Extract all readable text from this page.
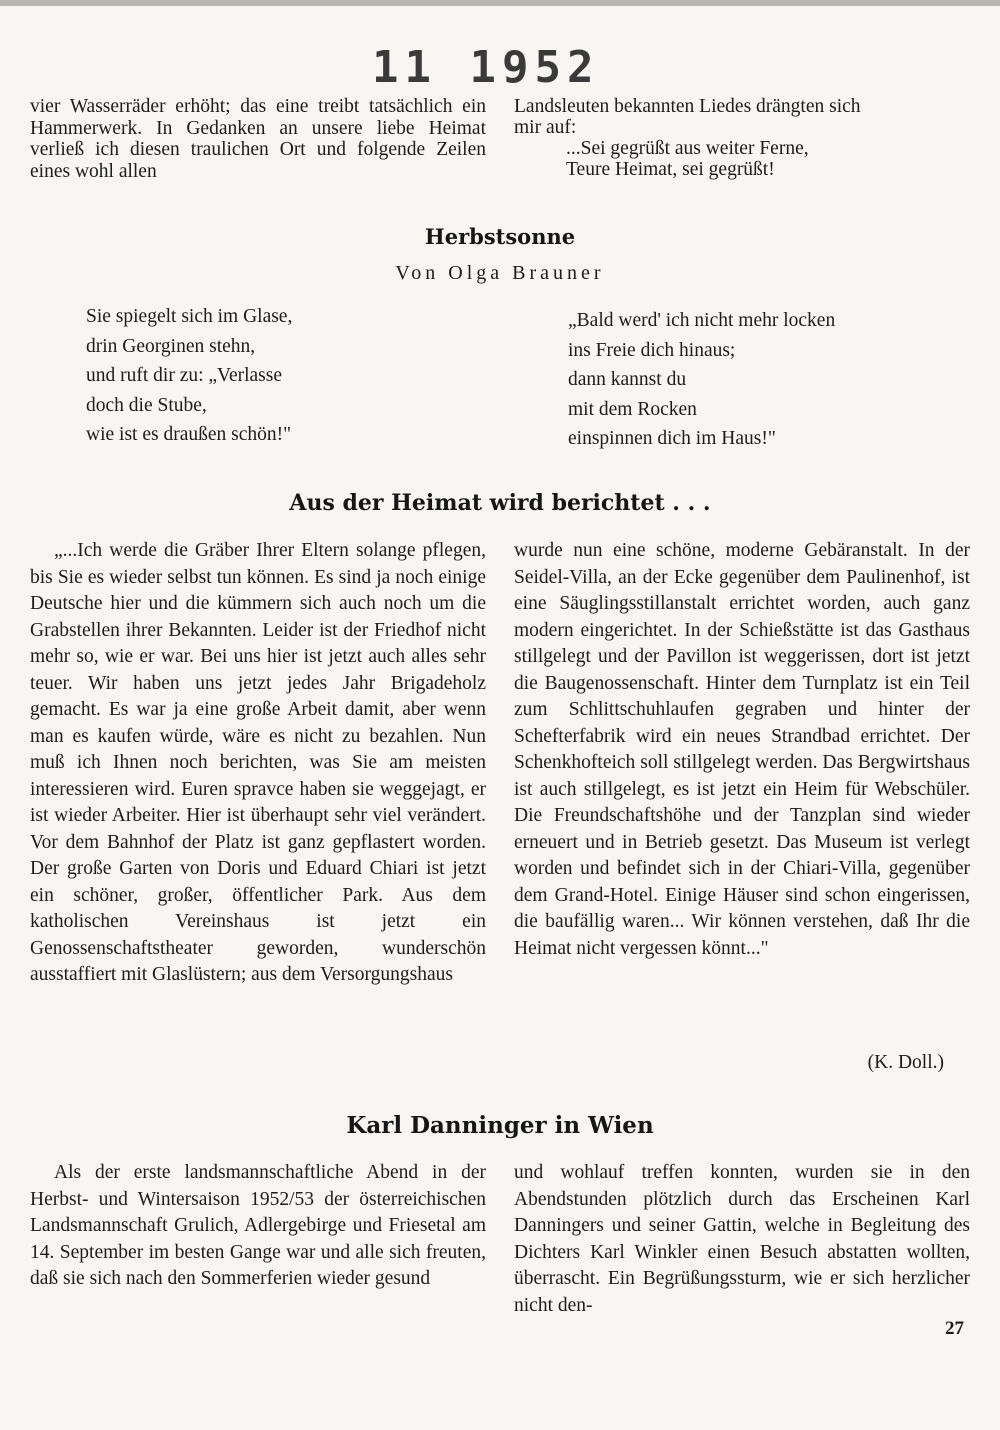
11 1952

vier Wasserräder erhöht; das eine treibt tatsächlich ein Hammerwerk. In Gedanken an unsere liebe Heimat verließ ich diesen traulichen Ort und folgende Zeilen eines wohl allen

Landsleuten bekannten Liedes drängten sich

mir auf:

...Sei gegrüßt aus weiter Ferne,

Teure Heimat, sei gegrüßt!

Herbstsonne

Von Olga Brauner

Sie spiegelt sich im Glase,

drin Georginen stehn,

und ruft dir zu: „Verlasse

doch die Stube,

wie ist es draußen schön!"

„Bald werd' ich nicht mehr locken

ins Freie dich hinaus;

dann kannst du

mit dem Rocken

einspinnen dich im Haus!"

Aus der Heimat wird berichtet . . .

„...Ich werde die Gräber Ihrer Eltern solange pflegen, bis Sie es wieder selbst tun können. Es sind ja noch einige Deutsche hier und die kümmern sich auch noch um die Grabstellen ihrer Bekannten. Leider ist der Friedhof nicht mehr so, wie er war. Bei uns hier ist jetzt auch alles sehr teuer. Wir haben uns jetzt jedes Jahr Brigadeholz gemacht. Es war ja eine große Arbeit damit, aber wenn man es kaufen würde, wäre es nicht zu bezahlen. Nun muß ich Ihnen noch berichten, was Sie am meisten interessieren wird. Euren spravce haben sie weggejagt, er ist wieder Arbeiter. Hier ist überhaupt sehr viel verändert. Vor dem Bahnhof der Platz ist ganz gepflastert worden. Der große Garten von Doris und Eduard Chiari ist jetzt ein schöner, großer, öffentlicher Park. Aus dem katholischen Vereinshaus ist jetzt ein Genossenschaftstheater geworden, wunderschön ausstaffiert mit Glaslüstern; aus dem Versorgungshaus

wurde nun eine schöne, moderne Gebäranstalt. In der Seidel-Villa, an der Ecke gegenüber dem Paulinenhof, ist eine Säuglingsstillanstalt errichtet worden, auch ganz modern eingerichtet. In der Schießstätte ist das Gasthaus stillgelegt und der Pavillon ist weggerissen, dort ist jetzt die Baugenossenschaft. Hinter dem Turnplatz ist ein Teil zum Schlittschuhlaufen gegraben und hinter der Schefterfabrik wird ein neues Strandbad errichtet. Der Schenkhofteich soll stillgelegt werden. Das Bergwirtshaus ist auch stillgelegt, es ist jetzt ein Heim für Webschüler. Die Freundschaftshöhe und der Tanzplan sind wieder erneuert und in Betrieb gesetzt. Das Museum ist verlegt worden und befindet sich in der Chiari-Villa, gegenüber dem Grand-Hotel. Einige Häuser sind schon eingerissen, die baufällig waren... Wir können verstehen, daß Ihr die Heimat nicht vergessen könnt..."

(K. Doll.)
Karl Danninger in Wien

Als der erste landsmannschaftliche Abend in der Herbst- und Wintersaison 1952/53 der österreichischen Landsmannschaft Grulich, Adlergebirge und Friesetal am 14. September im besten Gange war und alle sich freuten, daß sie sich nach den Sommerferien wieder gesund

und wohlauf treffen konnten, wurden sie in den Abendstunden plötzlich durch das Erscheinen Karl Danningers und seiner Gattin, welche in Begleitung des Dichters Karl Winkler einen Besuch abstatten wollten, überrascht. Ein Begrüßungssturm, wie er sich herzlicher nicht den-

27
